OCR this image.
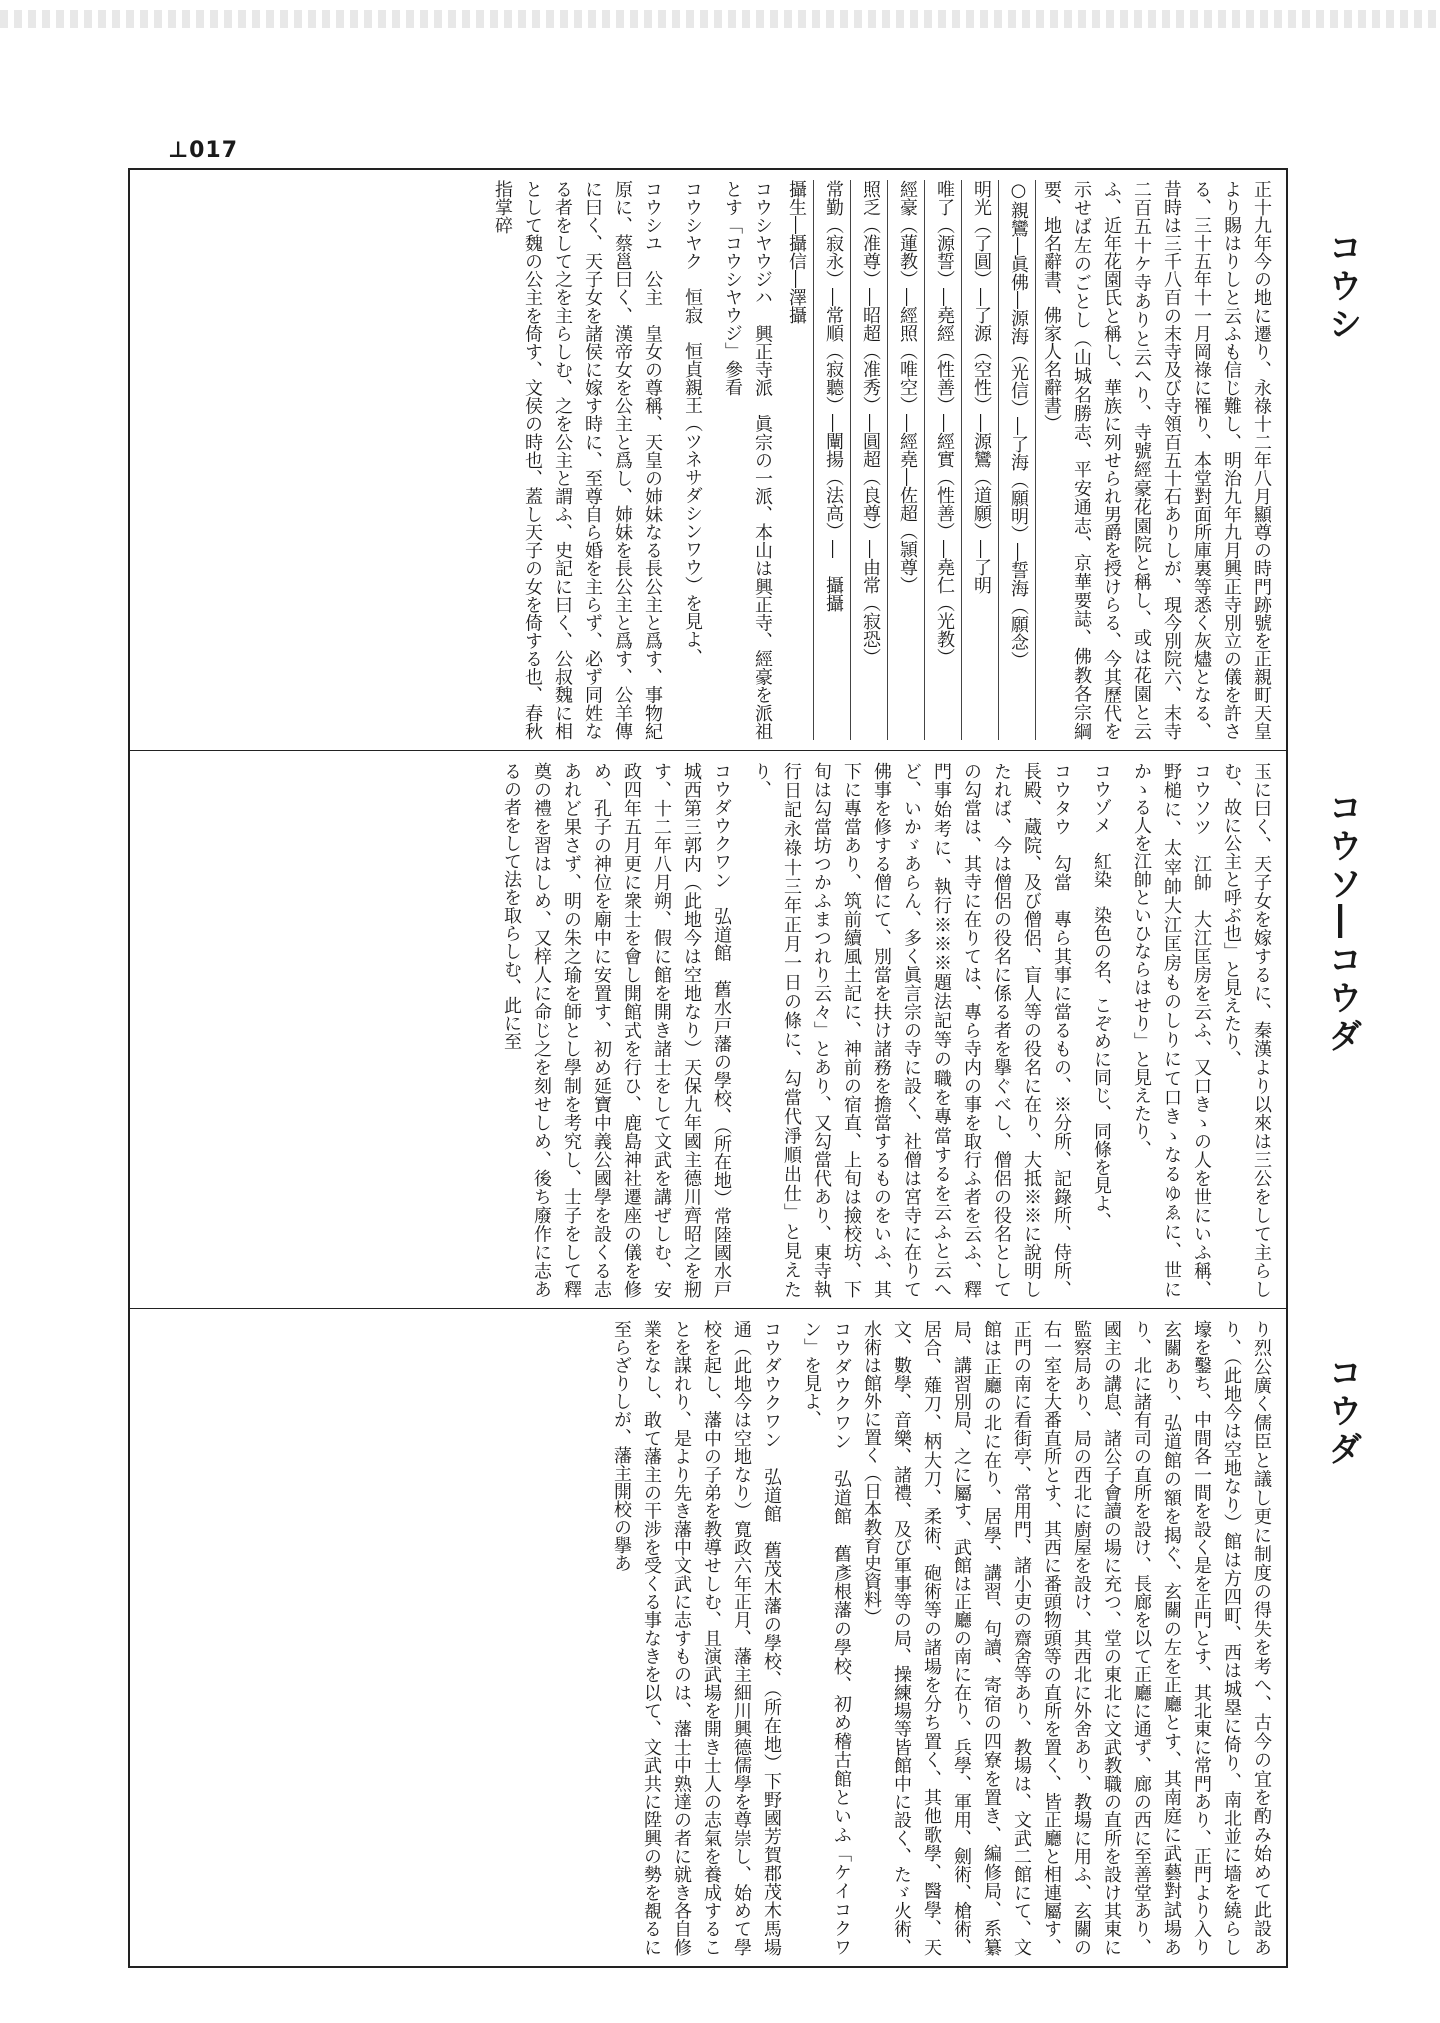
⊥017
コウシ
コウソ―コウダ
コウダ

正十九年今の地に遷り、永祿十二年八月顯尊の時門跡號を正親町天皇より賜はりしと云ふも信じ難し、明治九年九月興正寺別立の儀を許さる、三十五年十一月岡祿に罹り、本堂對面所庫裏等悉く灰燼となる、昔時は三千八百の末寺及び寺領百五十石ありしが、現今別院六、末寺二百五十ケ寺ありと云へり、寺號經豪花園院と稱し、或は花園と云ふ、近年花園氏と稱し、華族に列せられ男爵を授けらる、今其歷代を示せば左のごとし（山城名勝志、平安通志、京華要誌、佛教各宗綱要、地名辭書、佛家人名辭書）

○親鸞―眞佛―源海（光信）―了海（願明）―誓海（願念）

明光（了圓）―了源（空性）―源鸞（道願）―了明

唯了（源誓）―堯經（性善）―經實（性善）―堯仁（光教）

經豪（蓮教）―經照（唯空）―經堯―佐超（頴尊）

照乏（准尊）―昭超（准秀）―圓超（良尊）―由常（寂恐）

常勤（寂永）―常順（寂聽）―闡揚（法高）―　攝攝

攝生―攝信―澤攝

コウシヤウジハ　興正寺派　眞宗の一派、本山は興正寺、經豪を派祖とす「コウシヤウジ」參看

コウシヤク　恒寂　恒貞親王（ツネサダシンワウ）を見よ、

コウシユ　公主　皇女の尊稱、天皇の姉妹なる長公主と爲す、事物紀原に、蔡邕曰く、漢帝女を公主と爲し、姉妹を長公主と爲す、公羊傳に曰く、天子女を諸侯に嫁す時に、至尊自ら婚を主らず、必ず同姓なる者をして之を主らしむ、之を公主と謂ふ、史記に曰く、公叔魏に相として魏の公主を倚す、文侯の時也、蓋し天子の女を倚する也、春秋指掌碎

玉に曰く、天子女を嫁するに、秦漢より以來は三公をして主らしむ、故に公主と呼ぶ也」と見えたり、

コウソツ　江帥　大江匡房を云ふ、又口きゝの人を世にいふ稱、野槌に、太宰帥大江匡房ものしりにて口きゝなるゆゑに、世にかゝる人を江帥といひならはせり」と見えたり、

コウゾメ　紅染　染色の名、こぞめに同じ、同條を見よ、

コウタウ　勾當　專ら其事に當るもの、※分所、記錄所、侍所、長殿、蔵院、及び僧侶、盲人等の役名に在り、大抵※※に說明したれば、今は僧侶の役名に係る者を擧ぐべし、僧侶の役名としての勾當は、其寺に在りては、專ら寺内の事を取行ふ者を云ふ、釋門事始考に、執行※※※題法記等の職を專當するを云ふと云へど、いかゞあらん、多く眞言宗の寺に設く、社僧は宮寺に在りて佛事を修する僧にて、別當を扶け諸務を擔當するものをいふ、其下に專當あり、筑前續風土記に、神前の宿直、上旬は撿校坊、下旬は勾當坊つかふまつれり云々」とあり、又勾當代あり、東寺執行日記永祿十三年正月一日の條に、勾當代淨順出仕」と見えたり、

コウダウクワン　弘道館　舊水戸藩の學校、（所在地）常陸國水戸城西第三郭内（此地今は空地なり）天保九年國主德川齊昭之を剏す、十二年八月朔、假に館を開き諸士をして文武を講ぜしむ、安政四年五月更に衆士を會し開館式を行ひ、鹿島神社遷座の儀を修め、孔子の神位を廟中に安置す、初め延寶中義公國學を設くる志あれど果さず、明の朱之瑜を師とし學制を考究し、士子をして釋奠の禮を習はしめ、又梓人に命じ之を刻せしめ、後ち廢作に志あるの者をして法を取らしむ、此に至

り烈公廣く儒臣と議し更に制度の得失を考へ、古今の宜を酌み始めて此設あり、（此地今は空地なり）館は方四町、西は城塁に倚り、南北並に墻を繞らし壕を鑿ち、中間各一間を設く是を正門とす、其北東に常門あり、正門より入り玄關あり、弘道館の額を揭ぐ、玄關の左を正廳とす、其南庭に武藝對試場あり、北に諸有司の直所を設け、長廊を以て正廳に通ず、廊の西に至善堂あり、國主の講息、諸公子會讀の場に充つ、堂の東北に文武教職の直所を設け其東に監察局あり、局の西北に廚屋を設け、其西北に外舍あり、教場に用ふ、玄關の右一室を大番直所とす、其西に番頭物頭等の直所を置く、皆正廳と相連屬す、正門の南に看街亭、常用門、諸小吏の齋舍等あり、教場は、文武二館にて、文館は正廳の北に在り、居學、講習、句讀、寄宿の四寮を置き、編修局、系纂局、講習別局、之に屬す、武館は正廳の南に在り、兵學、軍用、劍術、槍術、居合、薙刀、柄大刀、柔術、砲術等の諸場を分ち置く、其他歌學、醫學、天文、數學、音樂、諸禮、及び軍事等の局、操練場等皆館中に設く、たゞ火術、水術は館外に置く（日本教育史資料）

コウダウクワン　弘道館　舊彥根藩の學校、初め稽古館といふ「ケイコクワン」を見よ、

コウダウクワン　弘道館　舊茂木藩の學校、（所在地）下野國芳賀郡茂木馬場通（此地今は空地なり）寬政六年正月、藩主細川興德儒學を尊崇し、始めて學校を起し、藩中の子弟を教導せしむ、且演武場を開き士人の志氣を養成することを謀れり、是より先き藩中文武に志すものは、藩士中熟達の者に就き各自修業をなし、敢て藩主の干涉を受くる事なきを以て、文武共に陞興の勢を覩るに至らざりしが、藩主開校の擧あ
